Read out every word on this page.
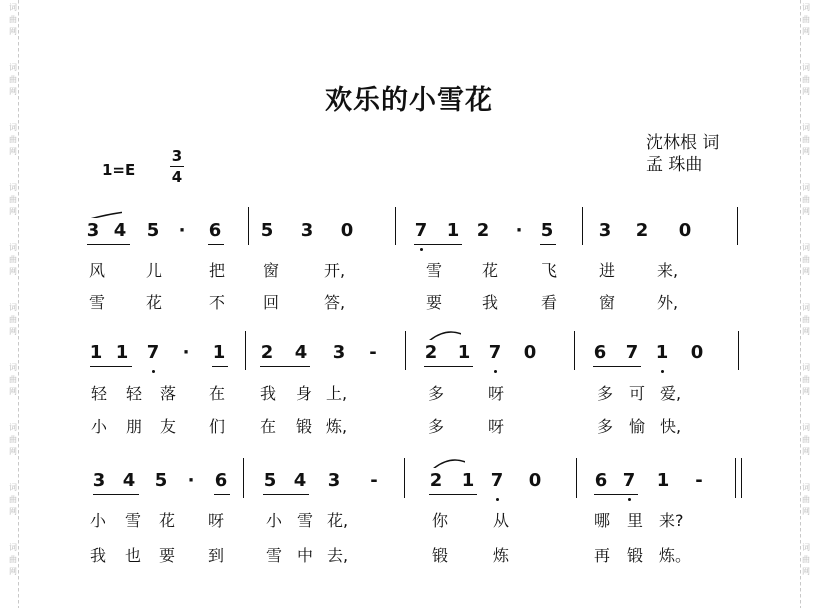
词
曲
网
词
曲
网
词
曲
网
词
曲
网
词
曲
网
词
曲
网
词
曲
网
词
曲
网
词
曲
网
词
曲
网
词
曲
网
词
曲
网
词
曲
网
词
曲
网
词
曲
网
词
曲
网
词
曲
网
词
曲
网
词
曲
网
词
曲
网
欢乐的小雪花
沈林根 词
孟 珠曲
1=E
3
4
3 4 5 · 6 5 3 0	7 1 2 · 5	3 2 0
风	儿	把 窗	开,	雪 花	飞	进	来,
雪	花	不 回	答,	要 我	看	窗	外,
1 1 7 · 1 2 4 3 -	2 1 7 0	6 7 1 0
轻 轻 落 在 我 身 上,	多	呀	多 可 爱,
小 朋 友 们 在 锻 炼,	多	呀	多 愉 快,
3 4 5 · 6 5 4 3 -	2 1 7 0	6 7 1 -
小 雪 花 呀	小 雪 花,	你	从	哪 里 来?
我 也 要 到	雪 中 去,	锻	炼	再 锻 炼。
